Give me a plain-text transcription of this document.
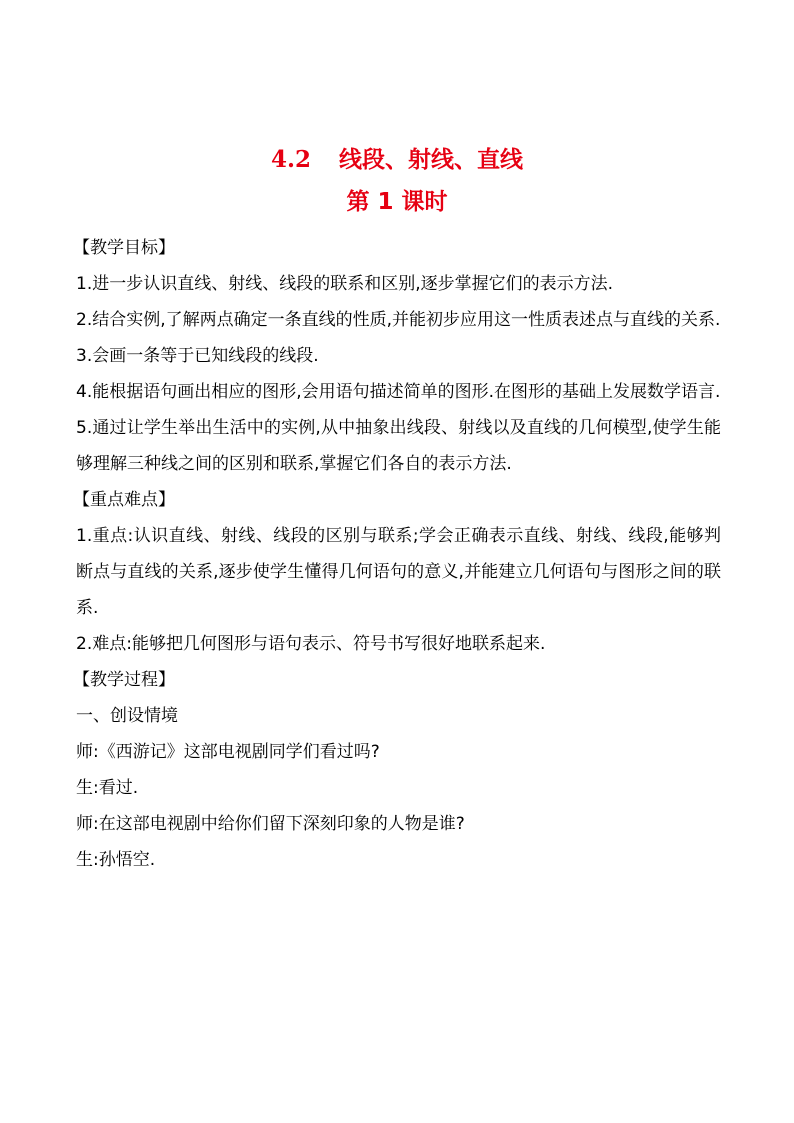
4.2 线段、射线、直线
第 1 课时

【教学目标】

1.进一步认识直线、射线、线段的联系和区别,逐步掌握它们的表示方法.

2.结合实例,了解两点确定一条直线的性质,并能初步应用这一性质表述点与直线的关系.

3.会画一条等于已知线段的线段.

4.能根据语句画出相应的图形,会用语句描述简单的图形.在图形的基础上发展数学语言.

5.通过让学生举出生活中的实例,从中抽象出线段、射线以及直线的几何模型,使学生能够理解三种线之间的区别和联系,掌握它们各自的表示方法.

【重点难点】

1.重点:认识直线、射线、线段的区别与联系;学会正确表示直线、射线、线段,能够判断点与直线的关系,逐步使学生懂得几何语句的意义,并能建立几何语句与图形之间的联系.

2.难点:能够把几何图形与语句表示、符号书写很好地联系起来.

【教学过程】

一、创设情境

师:《西游记》这部电视剧同学们看过吗?

生:看过.

师:在这部电视剧中给你们留下深刻印象的人物是谁?

生:孙悟空.
